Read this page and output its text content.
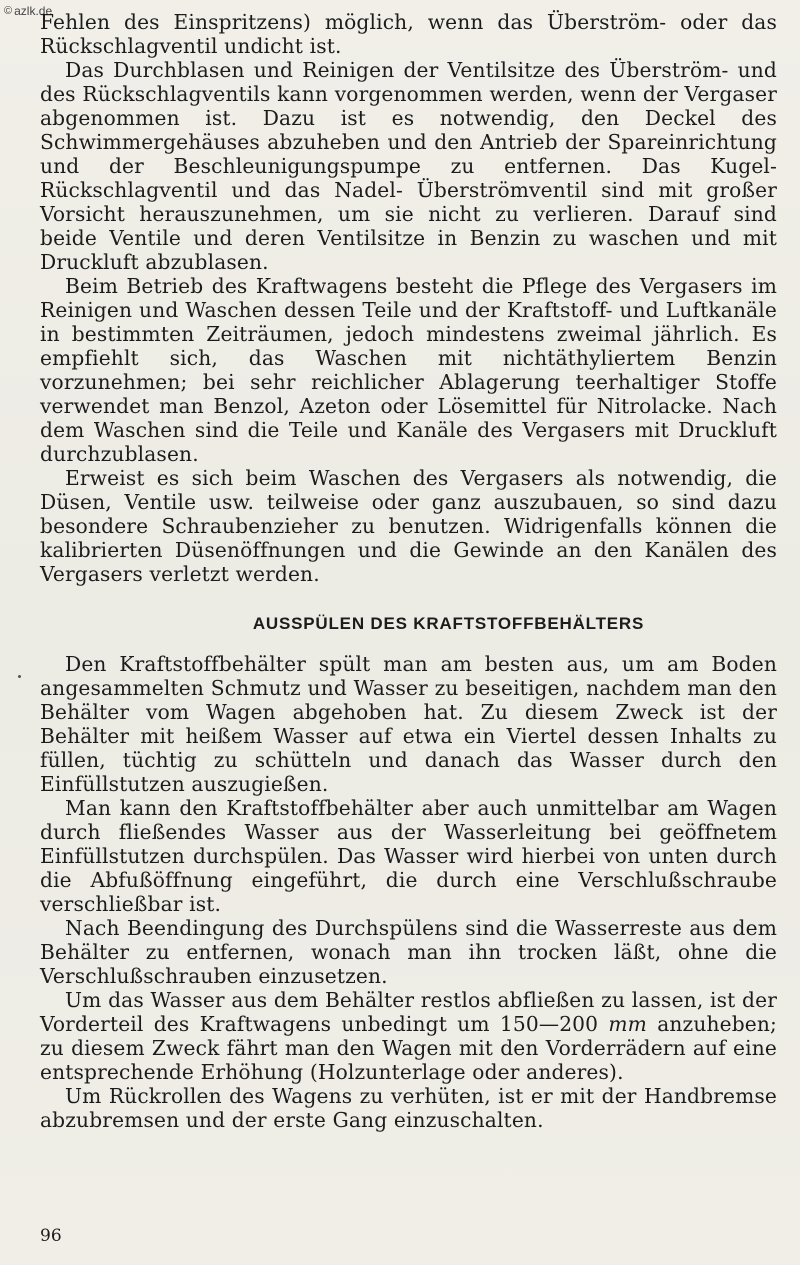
© azlk.de

Fehlen des Einspritzens) möglich, wenn das Überström- oder das Rückschlagventil undicht ist.

Das Durchblasen und Reinigen der Ventilsitze des Überström- und des Rückschlagventils kann vorgenommen werden, wenn der Vergaser abgenommen ist. Dazu ist es notwendig, den Deckel des Schwimmergehäuses abzuheben und den Antrieb der Spareinrichtung und der Beschleunigungspumpe zu entfernen. Das Kugel-Rückschlagventil und das Nadel- Überströmventil sind mit großer Vorsicht herauszunehmen, um sie nicht zu verlieren. Darauf sind beide Ventile und deren Ventilsitze in Benzin zu waschen und mit Druckluft abzublasen.

Beim Betrieb des Kraftwagens besteht die Pflege des Vergasers im Reinigen und Waschen dessen Teile und der Kraftstoff- und Luftkanäle in bestimmten Zeiträumen, jedoch mindestens zweimal jährlich. Es empfiehlt sich, das Waschen mit nichtäthyliertem Benzin vorzunehmen; bei sehr reichlicher Ablagerung teerhaltiger Stoffe verwendet man Benzol, Azeton oder Lösemittel für Nitrolacke. Nach dem Waschen sind die Teile und Kanäle des Vergasers mit Druckluft durchzublasen.

Erweist es sich beim Waschen des Vergasers als notwendig, die Düsen, Ventile usw. teilweise oder ganz auszubauen, so sind dazu besondere Schraubenzieher zu benutzen. Widrigenfalls können die kalibrierten Düsenöffnungen und die Gewinde an den Kanälen des Vergasers verletzt werden.

AUSSPÜLEN DES KRAFTSTOFFBEHÄLTERS

Den Kraftstoffbehälter spült man am besten aus, um am Boden angesammelten Schmutz und Wasser zu beseitigen, nachdem man den Behälter vom Wagen abgehoben hat. Zu diesem Zweck ist der Behälter mit heißem Wasser auf etwa ein Viertel dessen Inhalts zu füllen, tüchtig zu schütteln und danach das Wasser durch den Einfüllstutzen auszugießen.

Man kann den Kraftstoffbehälter aber auch unmittelbar am Wagen durch fließendes Wasser aus der Wasserleitung bei geöffnetem Einfüllstutzen durchspülen. Das Wasser wird hierbei von unten durch die Abfußöffnung eingeführt, die durch eine Verschlußschraube verschließbar ist.

Nach Beendingung des Durchspülens sind die Wasserreste aus dem Behälter zu entfernen, wonach man ihn trocken läßt, ohne die Verschlußschrauben einzusetzen.

Um das Wasser aus dem Behälter restlos abfließen zu lassen, ist der Vorderteil des Kraftwagens unbedingt um 150—200 mm anzuheben; zu diesem Zweck fährt man den Wagen mit den Vorderrädern auf eine entsprechende Erhöhung (Holzunterlage oder anderes).

Um Rückrollen des Wagens zu verhüten, ist er mit der Handbremse abzubremsen und der erste Gang einzuschalten.

96
